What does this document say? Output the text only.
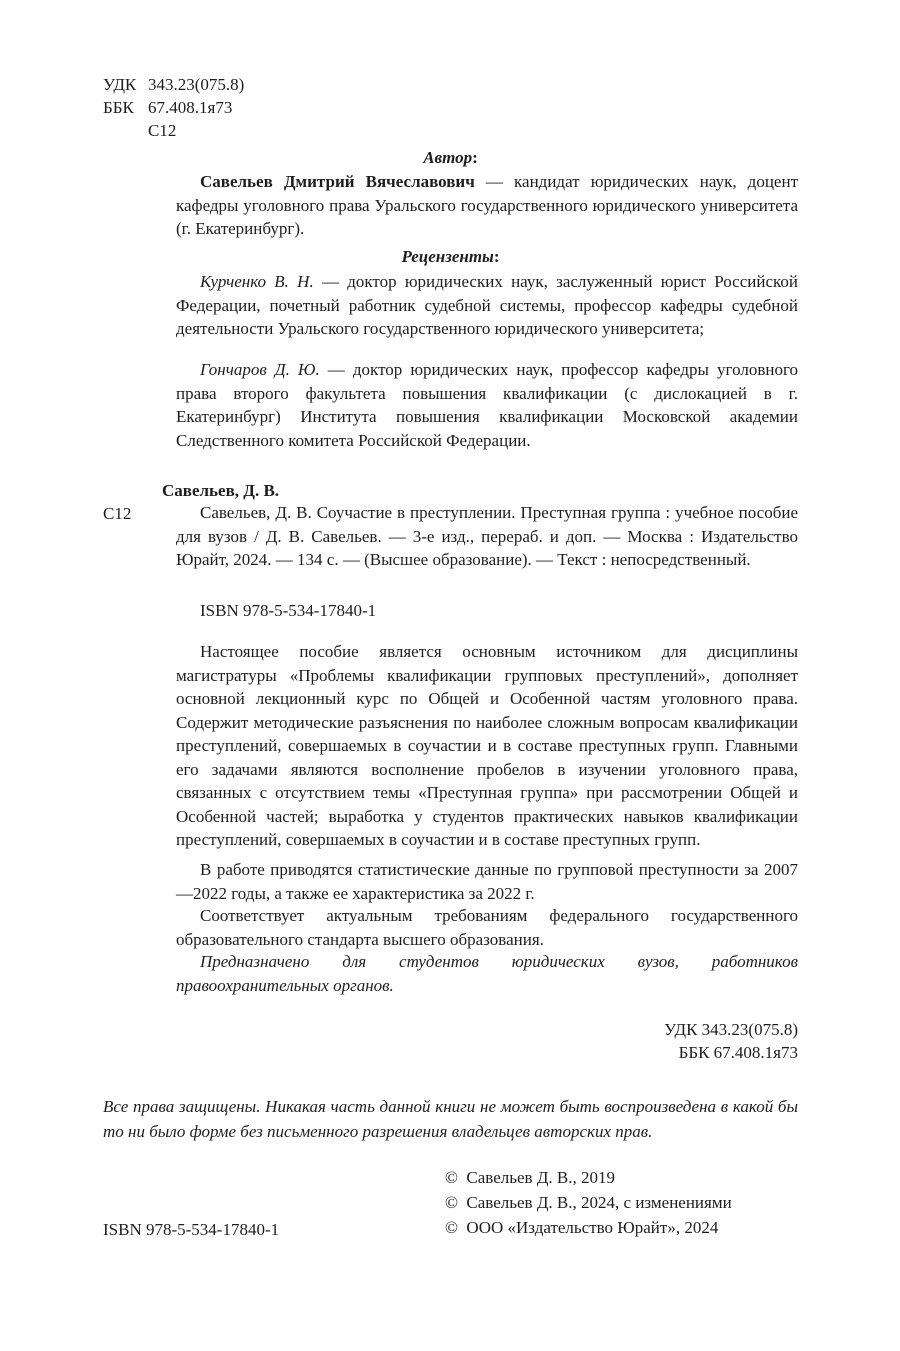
УДК 343.23(075.8)
ББК 67.408.1я73
С12
Автор:
Савельев Дмитрий Вячеславович — кандидат юридических наук, доцент кафедры уголовного права Уральского государственного юридического университета (г. Екатеринбург).
Рецензенты:
Курченко В. Н. — доктор юридических наук, заслуженный юрист Российской Федерации, почетный работник судебной системы, профессор кафедры судебной деятельности Уральского государственного юридического университета;
Гончаров Д. Ю. — доктор юридических наук, профессор кафедры уголовного права второго факультета повышения квалификации (с дислокацией в г. Екатеринбург) Института повышения квалификации Московской академии Следственного комитета Российской Федерации.
Савельев, Д. В.
С12	Савельев, Д. В. Соучастие в преступлении. Преступная группа : учебное пособие для вузов / Д. В. Савельев. — 3-е изд., перераб. и доп. — Москва : Издательство Юрайт, 2024. — 134 с. — (Высшее образование). — Текст : непосредственный.
ISBN 978-5-534-17840-1
Настоящее пособие является основным источником для дисциплины магистратуры «Проблемы квалификации групповых преступлений», дополняет основной лекционный курс по Общей и Особенной частям уголовного права. Содержит методические разъяснения по наиболее сложным вопросам квалификации преступлений, совершаемых в соучастии и в составе преступных групп. Главными его задачами являются восполнение пробелов в изучении уголовного права, связанных с отсутствием темы «Преступная группа» при рассмотрении Общей и Особенной частей; выработка у студентов практических навыков квалификации преступлений, совершаемых в соучастии и в составе преступных групп.
В работе приводятся статистические данные по групповой преступности за 2007—2022 годы, а также ее характеристика за 2022 г.
Соответствует актуальным требованиям федерального государственного образовательного стандарта высшего образования.
Предназначено для студентов юридических вузов, работников правоохранительных органов.
УДК 343.23(075.8)
ББК 67.408.1я73
Все права защищены. Никакая часть данной книги не может быть воспроизведена в какой бы то ни было форме без письменного разрешения владельцев авторских прав.
© Савельев Д. В., 2019
© Савельев Д. В., 2024, с изменениями
© ООО «Издательство Юрайт», 2024
ISBN 978-5-534-17840-1
